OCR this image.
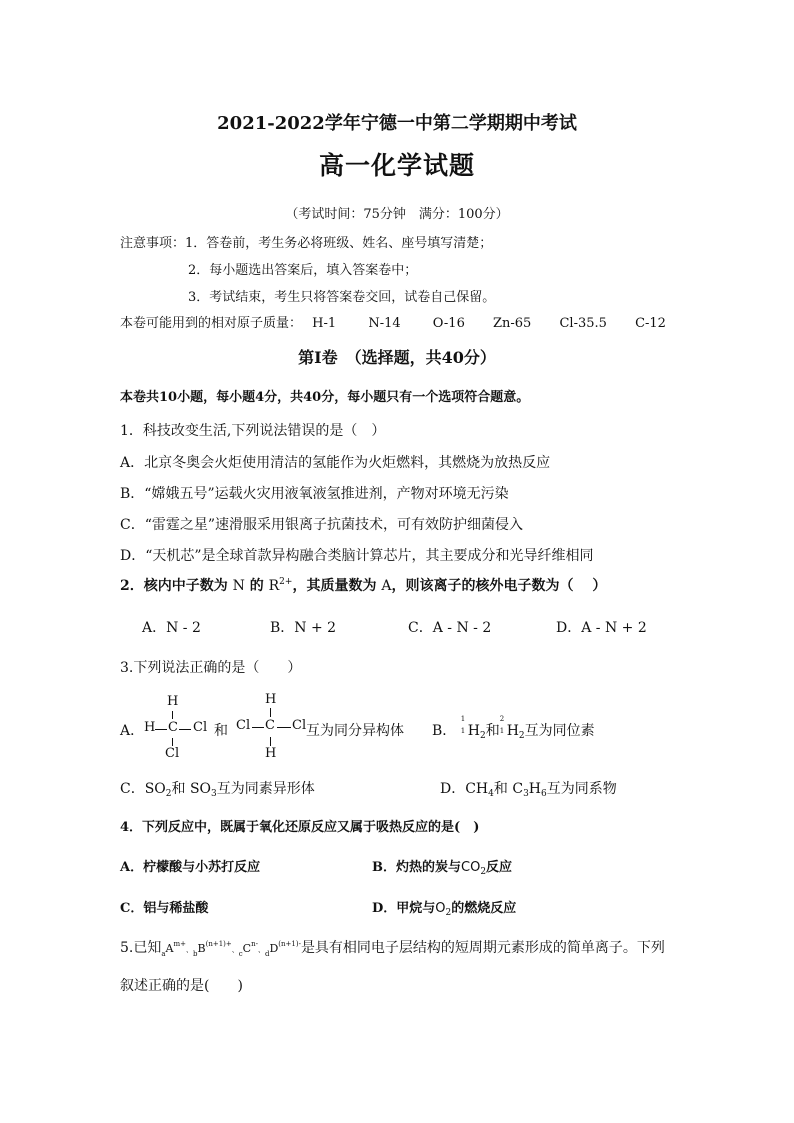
2021-2022学年宁德一中第二学期期中考试
高一化学试题
（考试时间：75分钟　满分：100分）
注意事项：1．答卷前，考生务必将班级、姓名、座号填写清楚；
2．每小题选出答案后，填入答案卷中；
3．考试结束，考生只将答案卷交回，试卷自己保留。
本卷可能用到的相对原子质量： H-1 N-14 O-16 Zn-65 Cl-35.5 C-12
第Ⅰ卷　（选择题，共40分）
本卷共10小题，每小题4分，共40分，每小题只有一个选项符合题意。
1．科技改变生活,下列说法错误的是（　）
A．北京冬奥会火炬使用清洁的氢能作为火炬燃料，其燃烧为放热反应
B．“嫦娥五号”运载火灾用液氧液氢推进剂，产物对环境无污染
C．“雷霆之星”速滑服采用银离子抗菌技术，可有效防护细菌侵入
D．“天机芯”是全球首款异构融合类脑计算芯片，其主要成分和光导纤维相同
2．核内中子数为 N 的 $R^{2+}$，其质量数为 A，则该离子的核外电子数为（　 ）
A．N - 2	B．N + 2	C．A - N - 2	D．A - N + 2
3.下列说法正确的是（　　）
A．
H
H C Cl
Cl
和
H
Cl C Cl
H
互为同分异构体 B．
1
1 $H_2$和
2
1 $H_2$互为同位素
C．$SO_2$和 $SO_3$互为同素异形体	D．$CH_4$和 $C_3H_6$互为同系物
4．下列反应中，既属于氧化还原反应又属于吸热反应的是(　)
A．柠檬酸与小苏打反应	B．灼热的炭与$CO_2$反应
C．铝与稀盐酸	D．甲烷与$O_2$的燃烧反应
5.已知$_aA^{m+}$、$_bB^{(n+1)+}$、$_cC^{n-}$、$_dD^{(n+1)-}$是具有相同电子层结构的短周期元素形成的简单离子。下列
叙述正确的是(　　)
